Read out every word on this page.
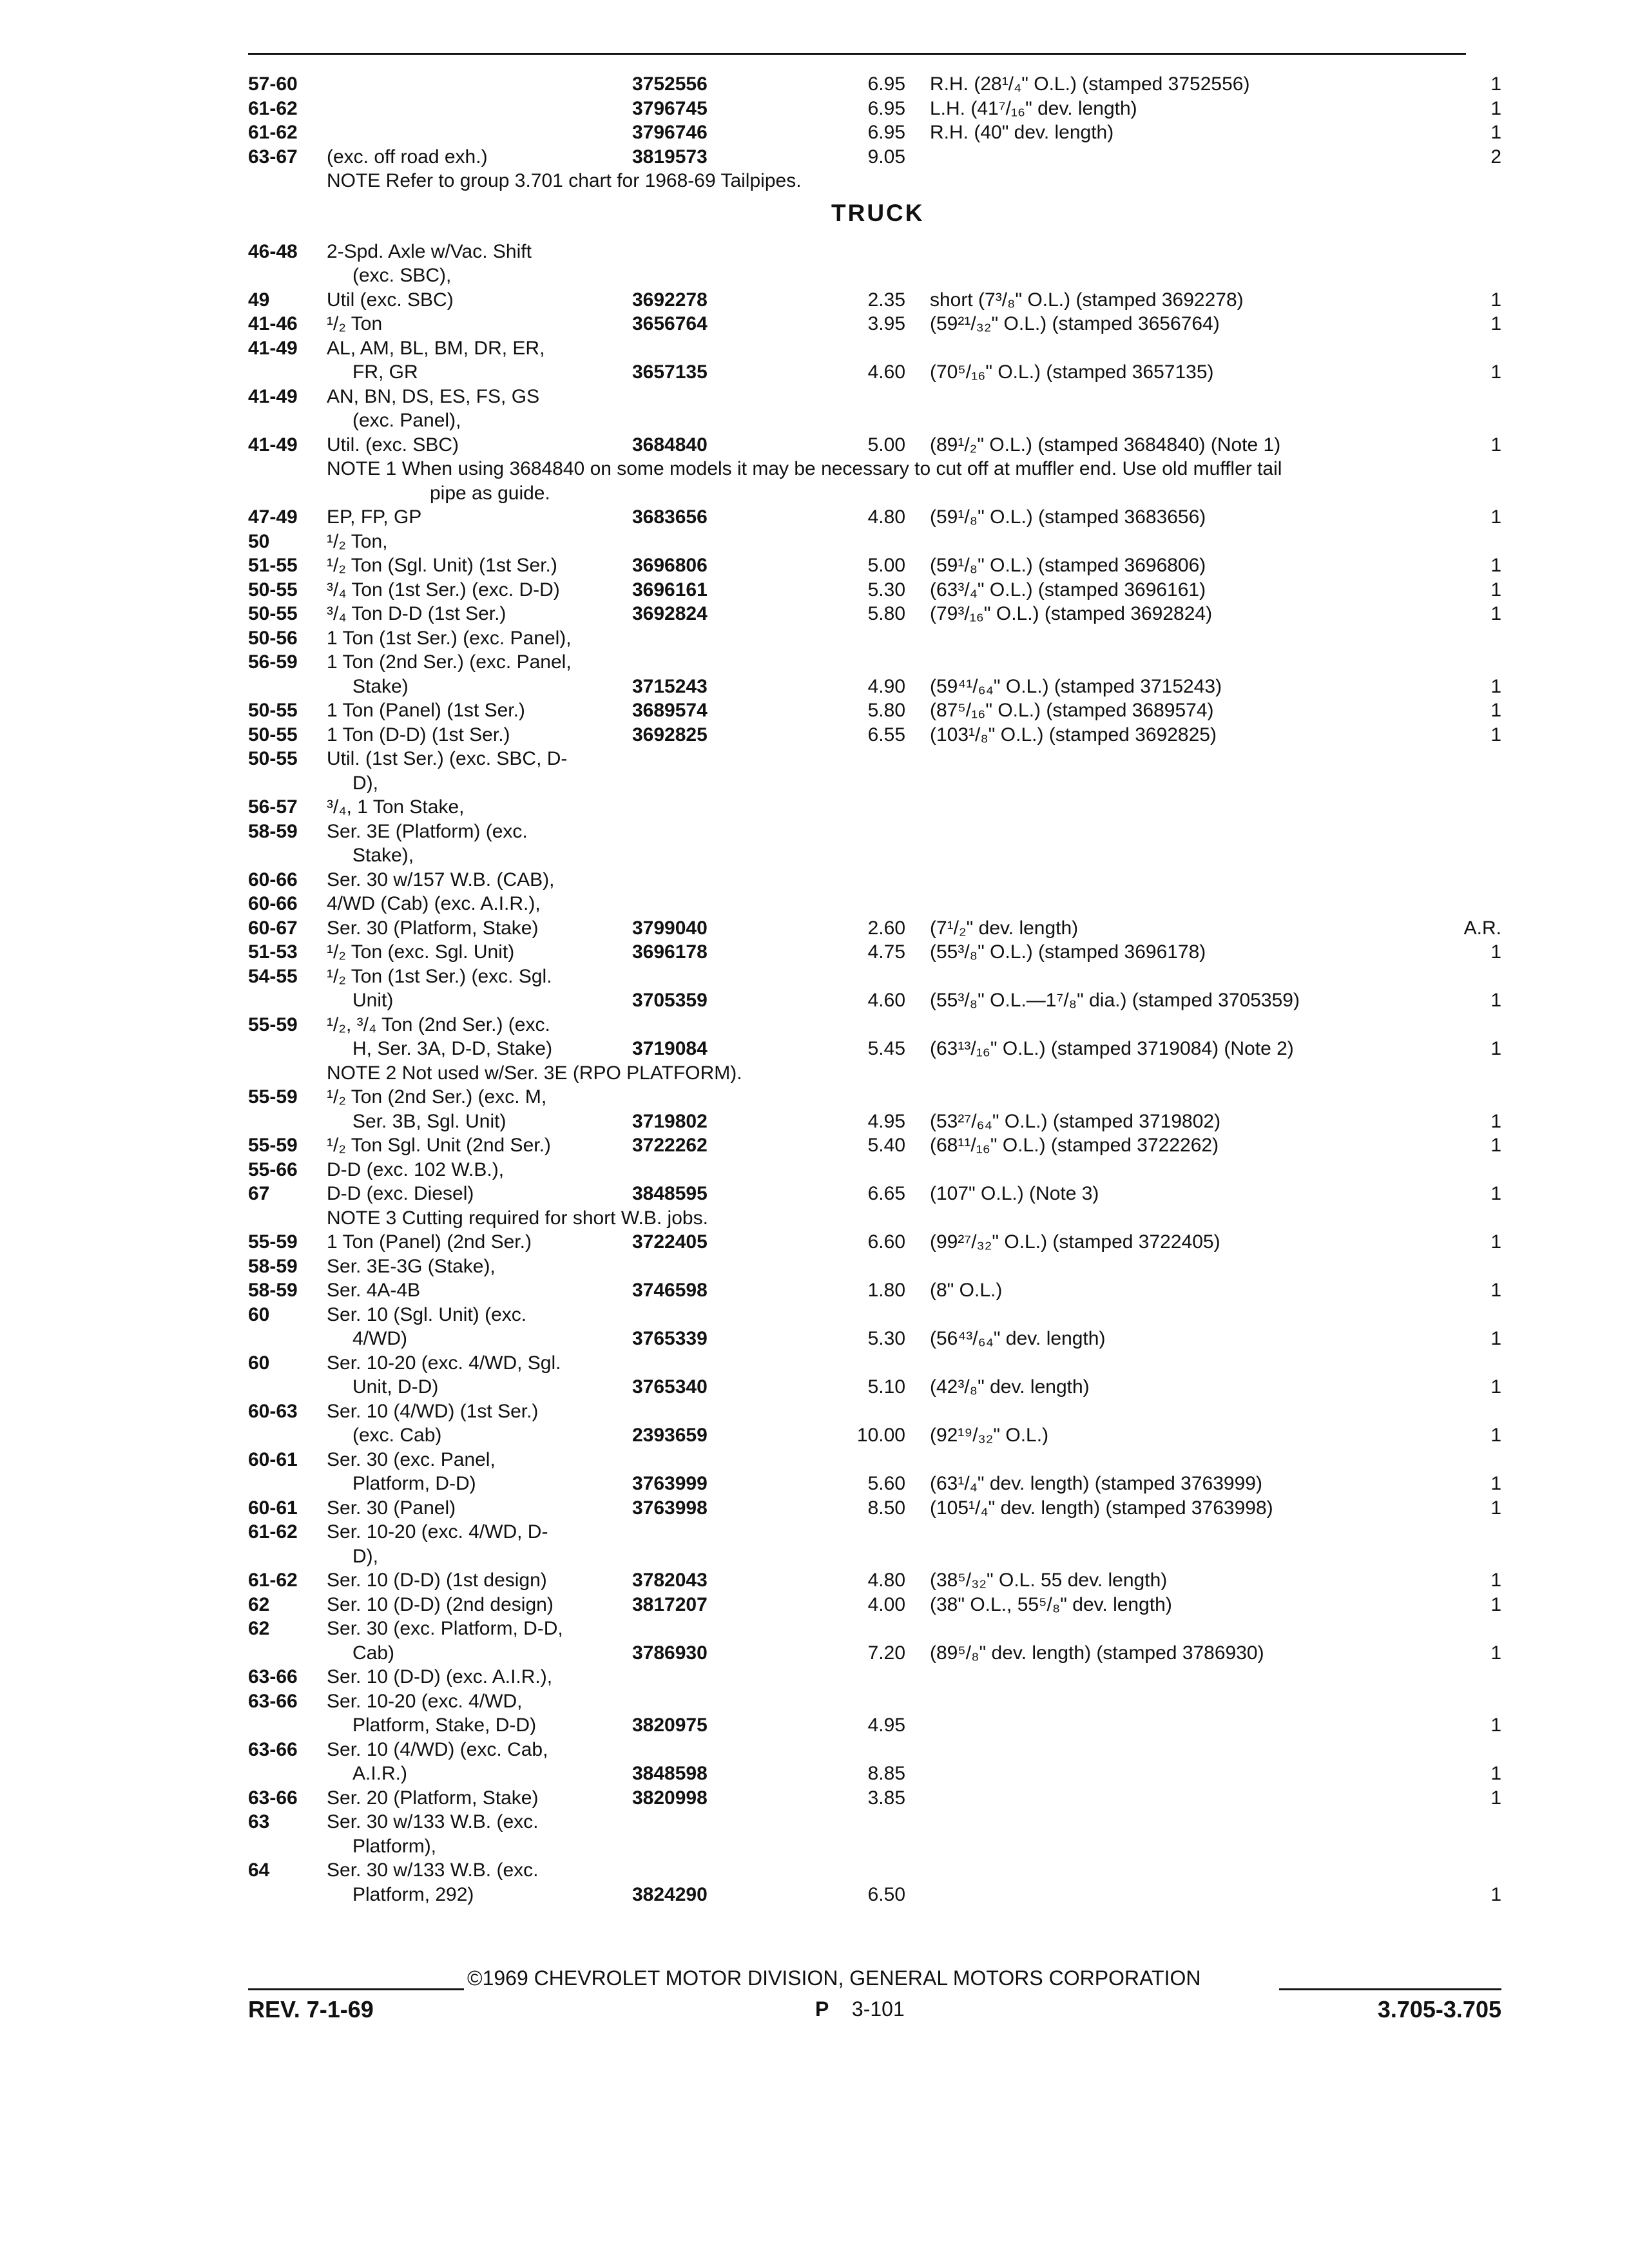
57-60	3752556	6.95 R.H. (28¹/₄" O.L.) (stamped 3752556)	1
61-62	3796745	6.95 L.H. (41⁷/₁₆" dev. length)	1
61-62	3796746	6.95 R.H. (40" dev. length)	1
63-67 (exc. off road exh.)	3819573	9.05	2
NOTE Refer to group 3.701 chart for 1968-69 Tailpipes.
TRUCK
46-48 2-Spd. Axle w/Vac. Shift
(exc. SBC),
49	Util (exc. SBC)	3692278	2.35 short (7³/₈" O.L.) (stamped 3692278)	1
41-46 ¹/₂ Ton	3656764	3.95 (59²¹/₃₂" O.L.) (stamped 3656764)	1
41-49 AL, AM, BL, BM, DR, ER,
FR, GR	3657135	4.60 (70⁵/₁₆" O.L.) (stamped 3657135)	1
41-49 AN, BN, DS, ES, FS, GS
(exc. Panel),
41-49 Util. (exc. SBC)	3684840	5.00 (89¹/₂" O.L.) (stamped 3684840) (Note 1)	1
NOTE 1 When using 3684840 on some models it may be necessary to cut off at muffler end. Use old muffler tail
pipe as guide.
47-49 EP, FP, GP	3683656	4.80 (59¹/₈" O.L.) (stamped 3683656)	1
50	¹/₂ Ton,
51-55 ¹/₂ Ton (Sgl. Unit) (1st Ser.)	3696806	5.00 (59¹/₈" O.L.) (stamped 3696806)	1
50-55 ³/₄ Ton (1st Ser.) (exc. D-D)	3696161	5.30 (63³/₄" O.L.) (stamped 3696161)	1
50-55 ³/₄ Ton D-D (1st Ser.)	3692824	5.80 (79³/₁₆" O.L.) (stamped 3692824)	1
50-56 1 Ton (1st Ser.) (exc. Panel),
56-59 1 Ton (2nd Ser.) (exc. Panel,
Stake)	3715243	4.90 (59⁴¹/₆₄" O.L.) (stamped 3715243)	1
50-55 1 Ton (Panel) (1st Ser.)	3689574	5.80 (87⁵/₁₆" O.L.) (stamped 3689574)	1
50-55 1 Ton (D-D) (1st Ser.)	3692825	6.55 (103¹/₈" O.L.) (stamped 3692825)	1
50-55 Util. (1st Ser.) (exc. SBC, D-
D),
56-57 ³/₄, 1 Ton Stake,
58-59 Ser. 3E (Platform) (exc.
Stake),
60-66 Ser. 30 w/157 W.B. (CAB),
60-66 4/WD (Cab) (exc. A.I.R.),
60-67 Ser. 30 (Platform, Stake)	3799040	2.60 (7¹/₂" dev. length)	A.R.
51-53 ¹/₂ Ton (exc. Sgl. Unit)	3696178	4.75 (55³/₈" O.L.) (stamped 3696178)	1
54-55 ¹/₂ Ton (1st Ser.) (exc. Sgl.
Unit)	3705359	4.60 (55³/₈" O.L.—1⁷/₈" dia.) (stamped 3705359)	1
55-59 ¹/₂, ³/₄ Ton (2nd Ser.) (exc.
H, Ser. 3A, D-D, Stake)	3719084	5.45 (63¹³/₁₆" O.L.) (stamped 3719084) (Note 2)	1
NOTE 2 Not used w/Ser. 3E (RPO PLATFORM).
55-59 ¹/₂ Ton (2nd Ser.) (exc. M,
Ser. 3B, Sgl. Unit)	3719802	4.95 (53²⁷/₆₄" O.L.) (stamped 3719802)	1
55-59 ¹/₂ Ton Sgl. Unit (2nd Ser.)	3722262	5.40 (68¹¹/₁₆" O.L.) (stamped 3722262)	1
55-66 D-D (exc. 102 W.B.),
67	D-D (exc. Diesel)	3848595	6.65 (107" O.L.) (Note 3)	1
NOTE 3 Cutting required for short W.B. jobs.
55-59 1 Ton (Panel) (2nd Ser.)	3722405	6.60 (99²⁷/₃₂" O.L.) (stamped 3722405)	1
58-59 Ser. 3E-3G (Stake),
58-59 Ser. 4A-4B	3746598	1.80 (8" O.L.)	1
60	Ser. 10 (Sgl. Unit) (exc.
4/WD)	3765339	5.30 (56⁴³/₆₄" dev. length)	1
60	Ser. 10-20 (exc. 4/WD, Sgl.
Unit, D-D)	3765340	5.10 (42³/₈" dev. length)	1
60-63 Ser. 10 (4/WD) (1st Ser.)
(exc. Cab)	2393659	10.00 (92¹⁹/₃₂" O.L.)	1
60-61 Ser. 30 (exc. Panel,
Platform, D-D)	3763999	5.60 (63¹/₄" dev. length) (stamped 3763999)	1
60-61 Ser. 30 (Panel)	3763998	8.50 (105¹/₄" dev. length) (stamped 3763998)	1
61-62 Ser. 10-20 (exc. 4/WD, D-
D),
61-62 Ser. 10 (D-D) (1st design)	3782043	4.80 (38⁵/₃₂" O.L. 55 dev. length)	1
62	Ser. 10 (D-D) (2nd design)	3817207	4.00 (38" O.L., 55⁵/₈" dev. length)	1
62	Ser. 30 (exc. Platform, D-D,
Cab)	3786930	7.20 (89⁵/₈" dev. length) (stamped 3786930)	1
63-66 Ser. 10 (D-D) (exc. A.I.R.),
63-66 Ser. 10-20 (exc. 4/WD,
Platform, Stake, D-D)	3820975	4.95	1
63-66 Ser. 10 (4/WD) (exc. Cab,
A.I.R.)	3848598	8.85	1
63-66 Ser. 20 (Platform, Stake)	3820998	3.85	1
63	Ser. 30 w/133 W.B. (exc.
Platform),
64	Ser. 30 w/133 W.B. (exc.
Platform, 292)	3824290	6.50	1
©1969 CHEVROLET MOTOR DIVISION, GENERAL MOTORS CORPORATION
REV. 7-1-69	P 3-101	3.705-3.705
